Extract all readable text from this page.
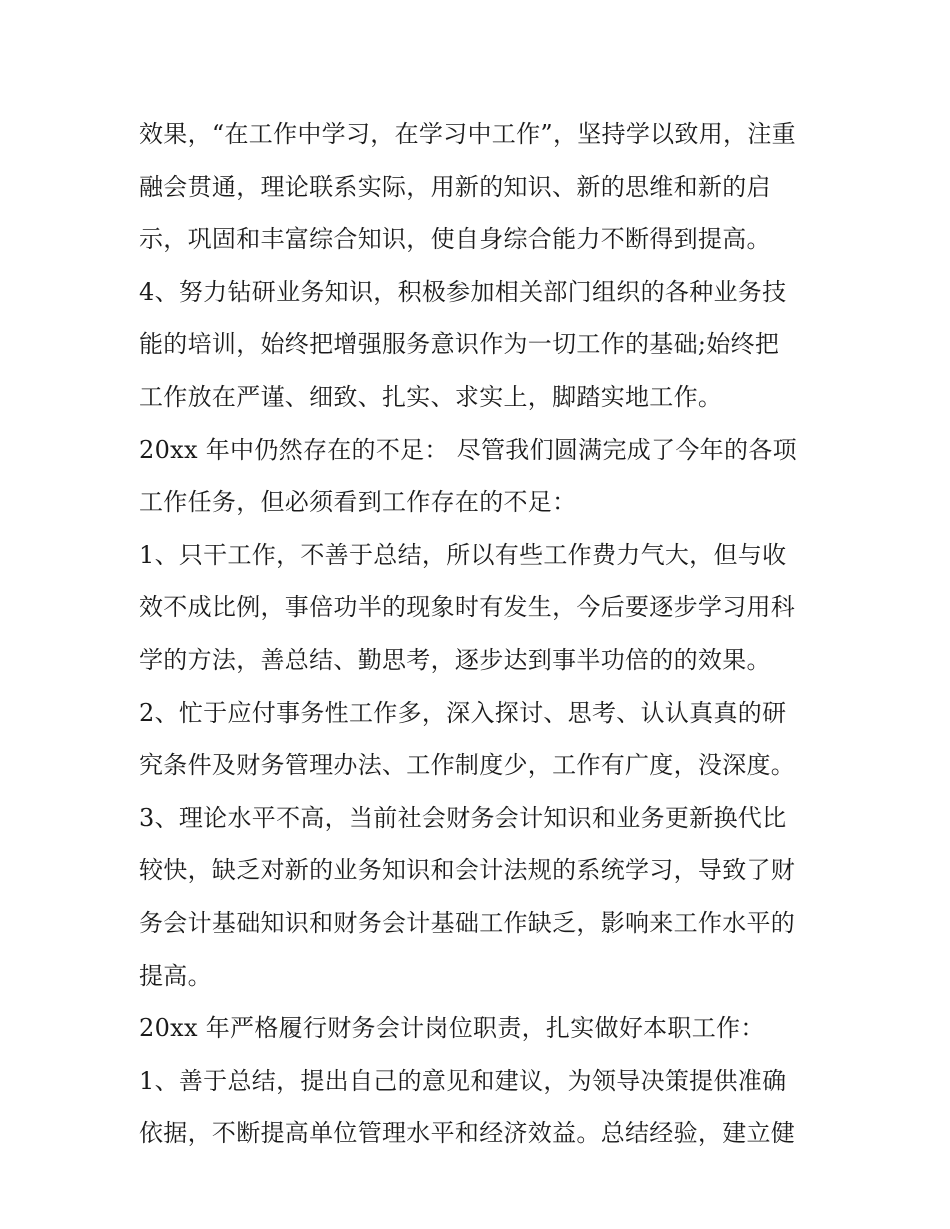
效果，“在工作中学习，在学习中工作”，坚持学以致用，注重
融会贯通，理论联系实际，用新的知识、新的思维和新的启
示，巩固和丰富综合知识，使自身综合能力不断得到提高。
4、努力钻研业务知识，积极参加相关部门组织的各种业务技
能的培训，始终把增强服务意识作为一切工作的基础;始终把
工作放在严谨、细致、扎实、求实上，脚踏实地工作。
20xx 年中仍然存在的不足： 尽管我们圆满完成了今年的各项
工作任务，但必须看到工作存在的不足：
1、只干工作，不善于总结，所以有些工作费力气大，但与收
效不成比例，事倍功半的现象时有发生，今后要逐步学习用科
学的方法，善总结、勤思考，逐步达到事半功倍的的效果。
2、忙于应付事务性工作多，深入探讨、思考、认认真真的研
究条件及财务管理办法、工作制度少，工作有广度，没深度。
3、理论水平不高，当前社会财务会计知识和业务更新换代比
较快，缺乏对新的业务知识和会计法规的系统学习，导致了财
务会计基础知识和财务会计基础工作缺乏，影响来工作水平的
提高。
20xx 年严格履行财务会计岗位职责，扎实做好本职工作：
1、善于总结，提出自己的意见和建议，为领导决策提供准确
依据，不断提高单位管理水平和经济效益。总结经验，建立健
